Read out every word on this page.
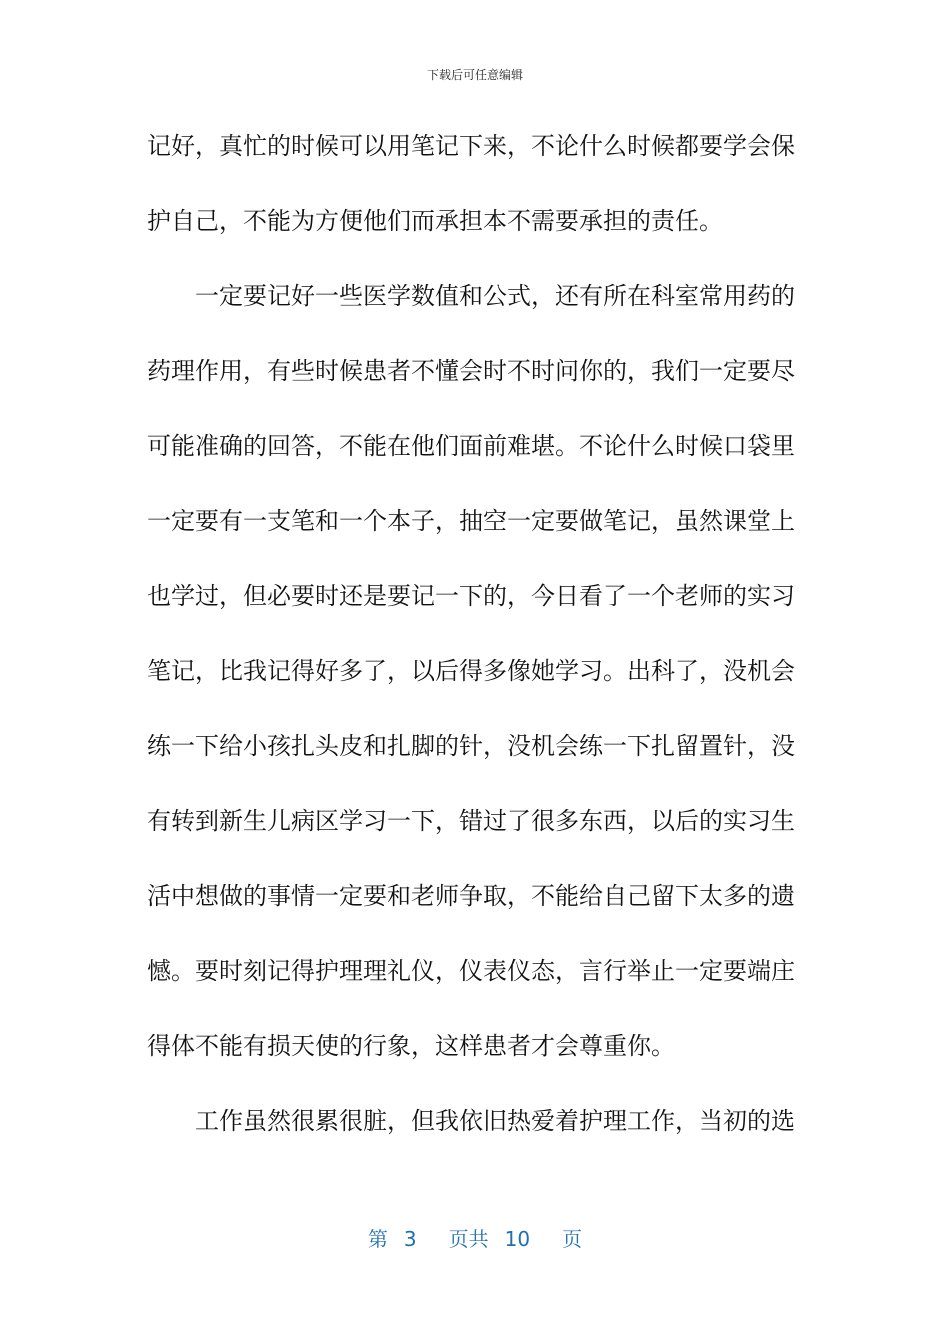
下载后可任意编辑
记好，真忙的时候可以用笔记下来，不论什么时候都要学会保
护自己，不能为方便他们而承担本不需要承担的责任。
一定要记好一些医学数值和公式，还有所在科室常用药的
药理作用，有些时候患者不懂会时不时问你的，我们一定要尽
可能准确的回答，不能在他们面前难堪。不论什么时候口袋里
一定要有一支笔和一个本子，抽空一定要做笔记，虽然课堂上
也学过，但必要时还是要记一下的，今日看了一个老师的实习
笔记，比我记得好多了，以后得多像她学习。出科了，没机会
练一下给小孩扎头皮和扎脚的针，没机会练一下扎留置针，没
有转到新生儿病区学习一下，错过了很多东西，以后的实习生
活中想做的事情一定要和老师争取，不能给自己留下太多的遗
憾。要时刻记得护理理礼仪，仪表仪态，言行举止一定要端庄
得体不能有损天使的行象，这样患者才会尊重你。
工作虽然很累很脏，但我依旧热爱着护理工作，当初的选
第 3 页共 10 页
